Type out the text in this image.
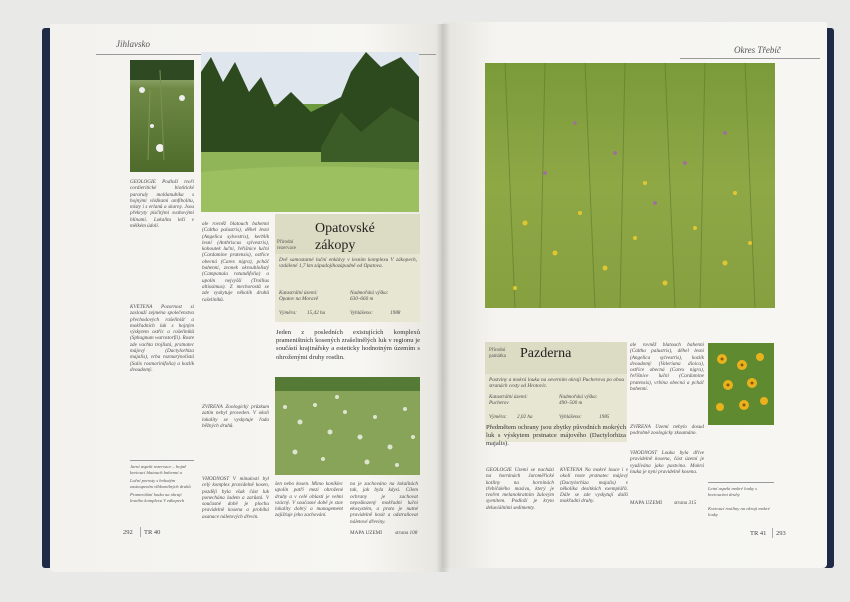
Jihlavsko
Přírodní rezervace
Opatovské zákopy
Dvě samostatné luční enklávy v lesním komplexu V zákopech, vzdálené 1,7 km západojihozápadně od Opatova.
Katastrální území:
Opatov na Moravě
Nadmořská výška:
630–660 m
Výměra:	15,42 ha	Vyhlášeno:	1988
Jeden z posledních existujících komplexů prameništních kosených zrašelinělých luk v regionu je součástí krajinářsky a esteticky hodnotným územím s ohroženými druhy rostlin.
GEOLOGIE Podloží tvoří cordieritické biotitické pararuly moldanubika s hojnými vložkami amfibolitu, místy i s erlanů a skarny. Jsou překryty písčitými svahovými hlínami. Lokalita leží v mělkém údolí.
KVĚTENA Pozornost si zaslouží zejména společenstva přechodových rašelinišť a mokřadních luk s hojným výskytem ostřic a rašeliníků (Sphagnum warnstorfii). Roste zde vachta trojlistá, prstnatec májový (Dactylorhiza majalis), vrba rozmarýnolistá (Salix rosmarinifolia) a kozlík dvoudomý.
ale rovněž blatouch bahenní (Caltha palustris), děhel lesní (Angelica sylvestris), kerblík lesní (Anthriscus sylvestris), kohoutek luční, řeřišnice luční (Cardamine pratensis), ostřice obecná (Carex nigra), pcháč bahenní, zvonek okrouhlolistý (Campanula rotundifolia) a upolín nejvyšší (Trollius altissimus). Z mechorostů se zde vyskytuje několik druhů rašeliníků.
ZVÍŘENA Zoologický průzkum zatím nebyl proveden. V okolí lokality se vyskytuje řada běžných druhů.
VHODNOST V minulosti byl celý komplex pravidelně kosen, později byla však část luk ponechána ladem a zarůstá. V současné době je plocha pravidelně kosena a probíhá asanace náletových dřevin.
šen nebo kosen. Mimo koniklec upolín patří mezi ohrožené druhy a v celé oblasti je velmi vzácný. V současné době je stav lokality dobrý a management zajišťuje jeho zachování.
na je zachováno na lokalitách tak, jak byla kdysi. Cílem ochrany je zachovat nepoškozený mokřadní luční ekosystém, a proto je nutné pravidelně kosit a odstraňovat náletové dřeviny.
MAPA UZEMÍ	strana 108
Jarní aspekt rezervace – hojně kvetoucí blatouch bahenní a
Luční porosty s bohatým zastoupením vlhkomilných druhů
Prameništní louka na okraji lesního komplexu V zákopech
292 TR 40
Okres Třebíč
Přírodní památka	Pazderna
Pastviny a mokrá louka na severním okraji Pucherova po obou stranách cesty od Hrotovic.
Katastrální území:
Pucherov
Nadmořská výška:
490–500 m
Výměra:	2,02 ha	Vyhlášeno:	1985
Předmětem ochrany jsou zbytky původních mokrých luk s výskytem prstnatce májového (Dactylorhiza majalis).
ale rovněž blatouch bahenní (Caltha palustris), děhel lesní (Angelica sylvestris), kozlík dvoudomý (Valeriana dioica), ostřice obecná (Carex nigra), řeřišnice luční (Cardamine pratensis), vrbina obecná a pcháč bahenní.
ZVÍŘENA Území nebylo dosud podrobně zoologicky zkoumáno.
VHODNOST Louka byla dříve pravidelně kosena, část území je využívána jako pastvina. Mokrá louka je nyní pravidelně kosena.
GEOLOGIE Území se nachází na horninách Jaroměřické kotliny na horninách třebíčského masivu, který je tvořen melanokratním žulovým syenitem. Podloží je kryto deluviálními sedimenty.
KVĚTENA Na mokré louce i v okolí roste prstnatec májový (Dactylorhiza majalis) v několika desítkách exemplářů. Dále se zde vyskytují další mokřadní druhy.	MAPA UZEMÍ	strana 315
Letní aspekt mokré louky s kvetoucími druhy
Kvetoucí rostliny na okraji mokré louky
TR 41 293
